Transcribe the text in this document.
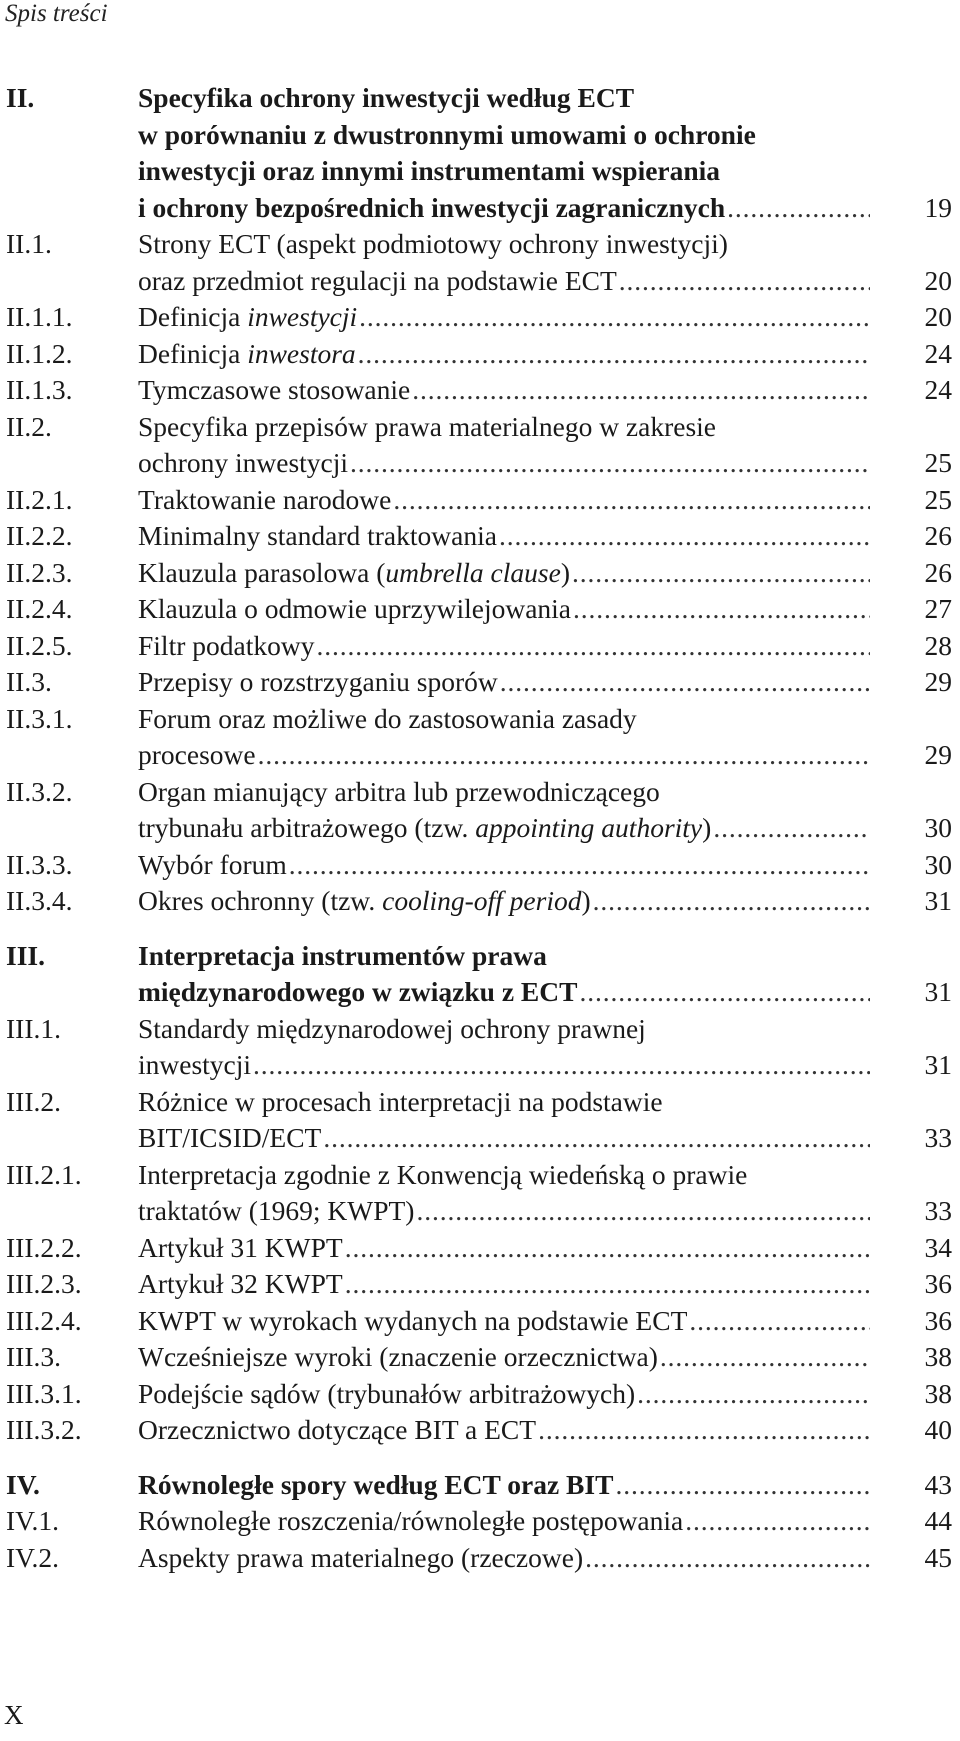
Spis treści
II.	Specyfika ochrony inwestycji według ECT
w porównaniu z dwustronnymi umowami o ochronie
inwestycji oraz innymi instrumentami wspierania
i ochrony bezpośrednich inwestycji zagranicznych . . .	19
II.1.	Strony ECT (aspekt podmiotowy ochrony inwestycji)
oraz przedmiot regulacji na podstawie ECT . . .	20
II.1.1. Definicja inwestycji . . .	20
II.1.2. Definicja inwestora . . .	24
II.1.3. Tymczasowe stosowanie . . .	24
II.2.	Specyfika przepisów prawa materialnego w zakresie
ochrony inwestycji . . .	25
II.2.1. Traktowanie narodowe . . .	25
II.2.2. Minimalny standard traktowania . . .	26
II.2.3. Klauzula parasolowa (umbrella clause) . . .	26
II.2.4. Klauzula o odmowie uprzywilejowania . . .	27
II.2.5. Filtr podatkowy . . .	28
II.3.	Przepisy o rozstrzyganiu sporów . . .	29
II.3.1. Forum oraz możliwe do zastosowania zasady
procesowe . . .	29
II.3.2. Organ mianujący arbitra lub przewodniczącego
trybunału arbitrażowego (tzw. appointing authority) . . .	30
II.3.3. Wybór forum . . .	30
II.3.4. Okres ochronny (tzw. cooling-off period) . . .	31
III.	Interpretacja instrumentów prawa
międzynarodowego w związku z ECT . . .	31
III.1.	Standardy międzynarodowej ochrony prawnej
inwestycji . . .	31
III.2.	Różnice w procesach interpretacji na podstawie
BIT/ICSID/ECT . . .	33
III.2.1. Interpretacja zgodnie z Konwencją wiedeńską o prawie
traktatów (1969; KWPT) . . .	33
III.2.2. Artykuł 31 KWPT . . .	34
III.2.3. Artykuł 32 KWPT . . .	36
III.2.4. KWPT w wyrokach wydanych na podstawie ECT . . .	36
III.3.	Wcześniejsze wyroki (znaczenie orzecznictwa) . . .	38
III.3.1. Podejście sądów (trybunałów arbitrażowych) . . .	38
III.3.2. Orzecznictwo dotyczące BIT a ECT . . .	40
IV.	Równoległe spory według ECT oraz BIT . . .	43
IV.1.	Równoległe roszczenia/równoległe postępowania . . .	44
IV.2.	Aspekty prawa materialnego (rzeczowe) . . .	45
X
